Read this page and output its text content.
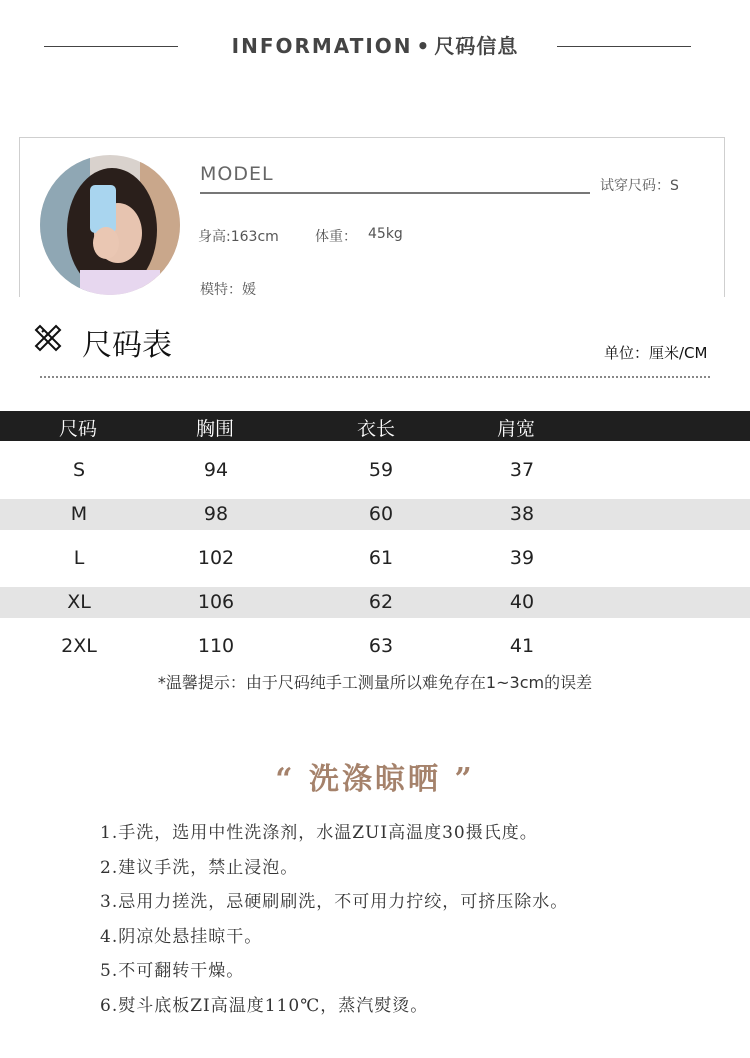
INFORMATION • 尺码信息
MODEL
试穿尺码：S
身高:163cm	体重： 45kg
模特：媛
尺码表	单位：厘米/CM
尺码	胸围	衣长	肩宽
S	94	59	37
M	98	60	38
L	102	61	39
XL	106	62	40
2XL	110	63	41
*温馨提示：由于尺码纯手工测量所以难免存在1~3cm的误差
“ 洗涤晾晒 ”
1.手洗，选用中性洗涤剂，水温ZUI高温度30摄氏度。
2.建议手洗，禁止浸泡。
3.忌用力搓洗，忌硬刷刷洗，不可用力拧绞，可挤压除水。
4.阴凉处悬挂晾干。
5.不可翻转干燥。
6.熨斗底板ZI高温度110℃，蒸汽熨烫。
